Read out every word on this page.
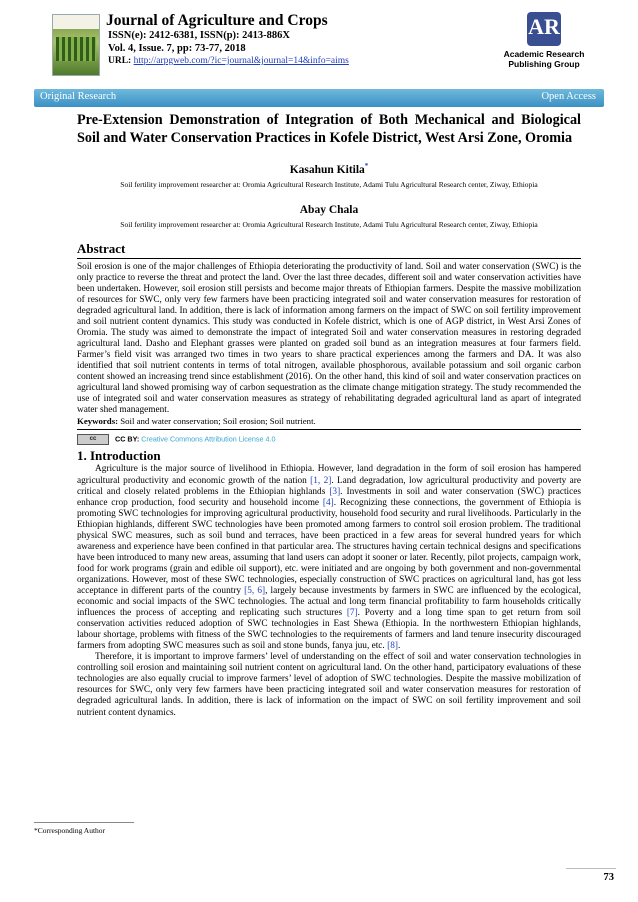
Journal of Agriculture and Crops

ISSN(e): 2412-6381, ISSN(p): 2413-886X

Vol. 4, Issue. 7, pp: 73-77, 2018

URL: http://arpgweb.com/?ic=journal&journal=14&info=aims

AR
Academic Research Publishing Group
Original Research	Open Access
Pre-Extension Demonstration of Integration of Both Mechanical and Biological Soil and Water Conservation Practices in Kofele District, West Arsi Zone, Oromia

Kasahun Kitila*

Soil fertility improvement researcher at: Oromia Agricultural Research Institute, Adami Tulu Agricultural Research center, Ziway, Ethiopia

Abay Chala

Soil fertility improvement researcher at: Oromia Agricultural Research Institute, Adami Tulu Agricultural Research center, Ziway, Ethiopia

Abstract

Soil erosion is one of the major challenges of Ethiopia deteriorating the productivity of land. Soil and water conservation (SWC) is the only practice to reverse the threat and protect the land. Over the last three decades, different soil and water conservation activities have been undertaken. However, soil erosion still persists and become major threats of Ethiopian farmers. Despite the massive mobilization of resources for SWC, only very few farmers have been practicing integrated soil and water conservation measures for restoration of degraded agricultural land. In addition, there is lack of information among farmers on the impact of SWC on soil fertility improvement and soil nutrient content dynamics. This study was conducted in Kofele district, which is one of AGP district, in West Arsi Zones of Oromia. The study was aimed to demonstrate the impact of integrated Soil and water conservation measures in restoring degraded agricultural land. Dasho and Elephant grasses were planted on graded soil bund as an integration measures at four farmers field. Farmer’s field visit was arranged two times in two years to share practical experiences among the farmers and DA. It was also identified that soil nutrient contents in terms of total nitrogen, available phosphorous, available potassium and soil organic carbon content showed an increasing trend since establishment (2016). On the other hand, this kind of soil and water conservation practices on agricultural land showed promising way of carbon sequestration as the climate change mitigation strategy. The study recommended the use of integrated soil and water conservation measures as strategy of rehabilitating degraded agricultural land as apart of integrated water shed management.

Keywords: Soil and water conservation; Soil erosion; Soil nutrient.

cc	CC BY: Creative Commons Attribution License 4.0
1. Introduction

Agriculture is the major source of livelihood in Ethiopia. However, land degradation in the form of soil erosion has hampered agricultural productivity and economic growth of the nation [1, 2]. Land degradation, low agricultural productivity and poverty are critical and closely related problems in the Ethiopian highlands [3]. Investments in soil and water conservation (SWC) practices enhance crop production, food security and household income [4]. Recognizing these connections, the government of Ethiopia is promoting SWC technologies for improving agricultural productivity, household food security and rural livelihoods. Particularly in the Ethiopian highlands, different SWC technologies have been promoted among farmers to control soil erosion problem. The traditional physical SWC measures, such as soil bund and terraces, have been practiced in a few areas for several hundred years for which awareness and experience have been confined in that particular area. The structures having certain technical designs and specifications have been introduced to many new areas, assuming that land users can adopt it sooner or later. Recently, pilot projects, campaign work, food for work programs (grain and edible oil support), etc. were initiated and are ongoing by both government and non-governmental organizations. However, most of these SWC technologies, especially construction of SWC practices on agricultural land, has got less acceptance in different parts of the country [5, 6], largely because investments by farmers in SWC are influenced by the ecological, economic and social impacts of the SWC technologies. The actual and long term financial profitability to farm households critically influences the process of accepting and replicating such structures [7]. Poverty and a long time span to get return from soil conservation activities reduced adoption of SWC technologies in East Shewa (Ethiopia. In the northwestern Ethiopian highlands, labour shortage, problems with fitness of the SWC technologies to the requirements of farmers and land tenure insecurity discouraged farmers from adopting SWC measures such as soil and stone bunds, fanya juu, etc. [8].

Therefore, it is important to improve farmers’ level of understanding on the effect of soil and water conservation technologies in controlling soil erosion and maintaining soil nutrient content on agricultural land. On the other hand, participatory evaluations of these technologies are also equally crucial to improve farmers’ level of adoption of SWC technologies. Despite the massive mobilization of resources for SWC, only very few farmers have been practicing integrated soil and water conservation measures for restoration of degraded agricultural lands. In addition, there is lack of information on the impact of SWC on soil fertility improvement and soil nutrient content dynamics.

*Corresponding Author
73
